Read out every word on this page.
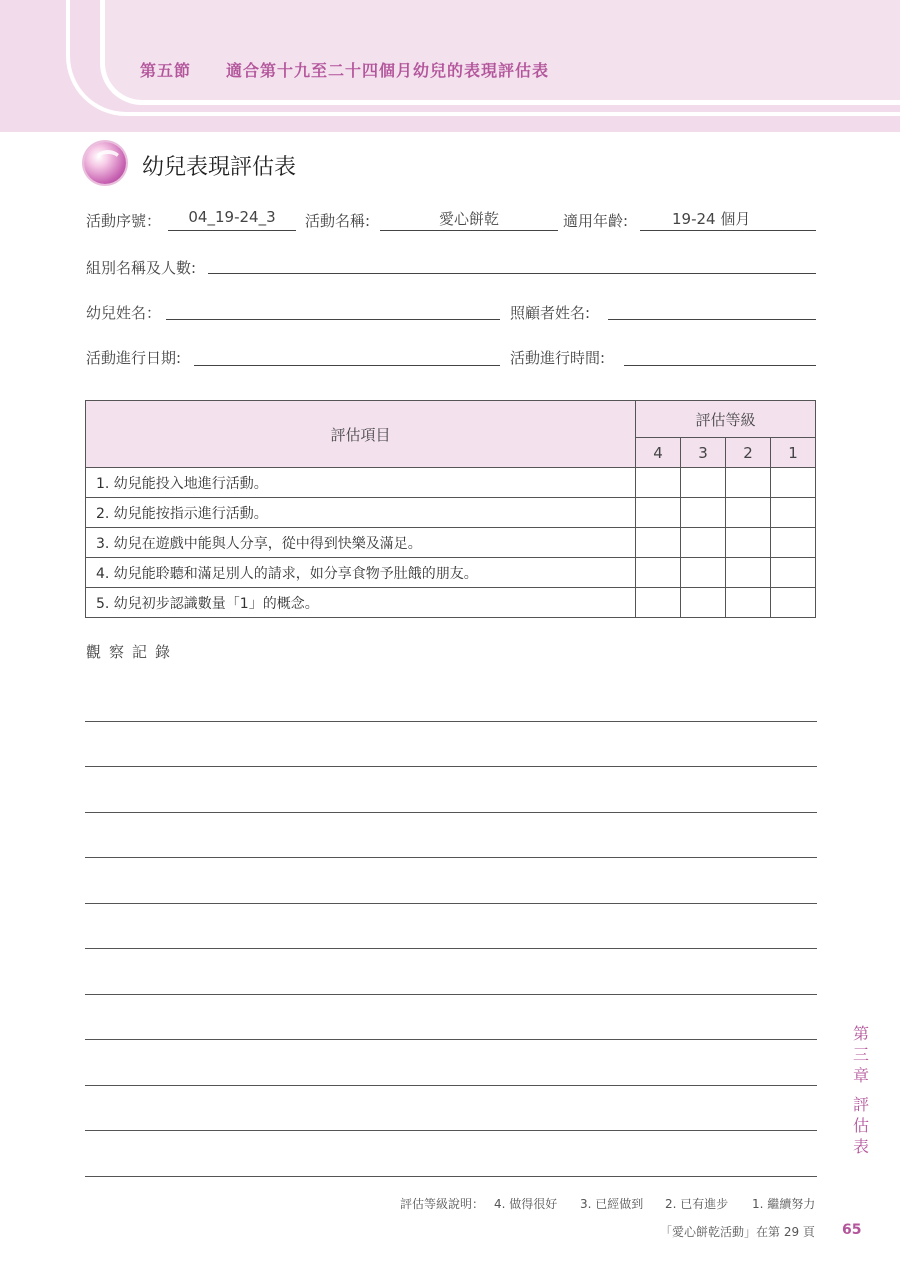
第五節 適合第十九至二十四個月幼兒的表現評估表
幼兒表現評估表
活動序號：	04_19-24_3	活動名稱:	愛心餅乾	適用年齡:	19-24 個月
組別名稱及人數:
幼兒姓名：	照顧者姓名:
活動進行日期:	活動進行時間:
評估項目	評估等級			
	4	3	2	1
1. 幼兒能投入地進行活動。				
2. 幼兒能按指示進行活動。				
3. 幼兒在遊戲中能與人分享，從中得到快樂及滿足。				
4. 幼兒能聆聽和滿足別人的請求，如分享食物予肚餓的朋友。				
5. 幼兒初步認識數量「1」的概念。				
觀察記錄
第三章
評估表
評估等級說明： 4. 做得很好 3. 已經做到 2. 已有進步 1. 繼續努力
「愛心餅乾活動」在第 29 頁 65
